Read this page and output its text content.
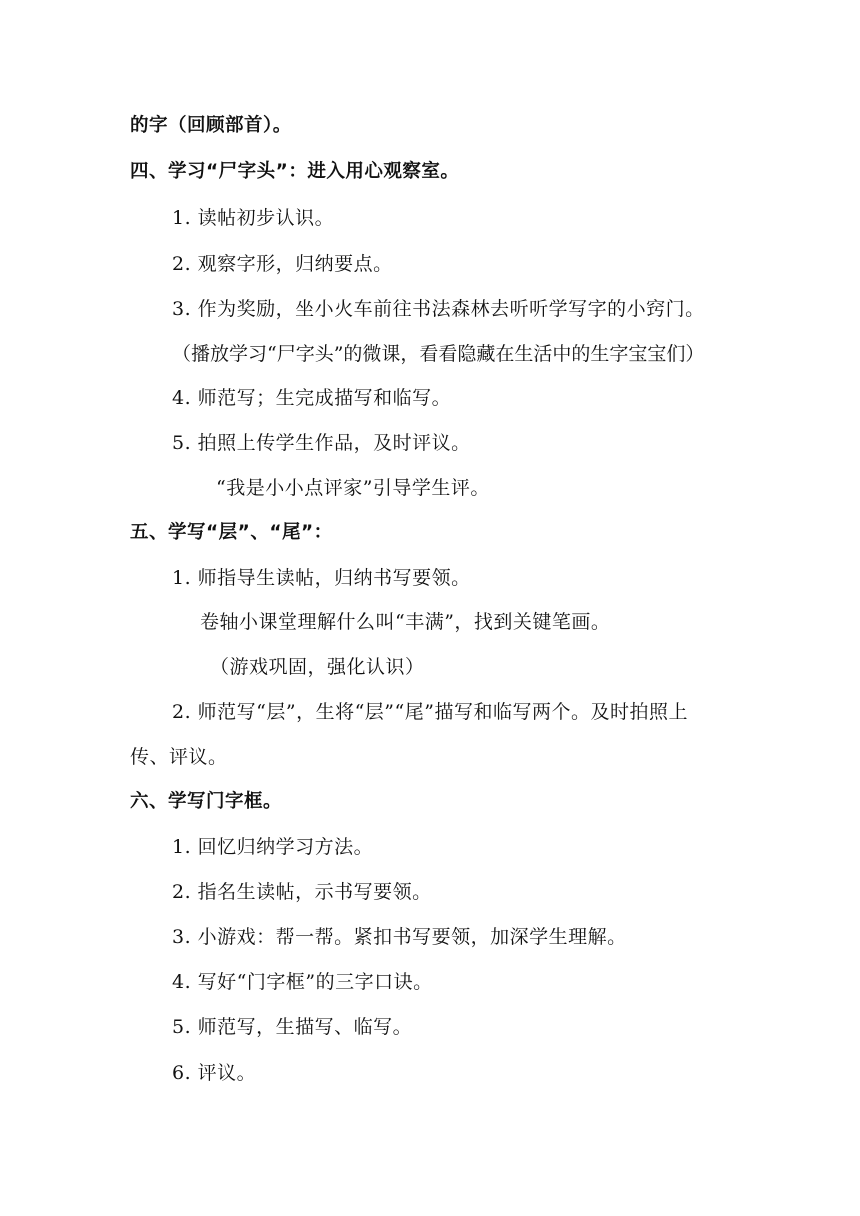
的字（回顾部首）。
四、学习“尸字头”：进入用心观察室。
1. 读帖初步认识。
2. 观察字形，归纳要点。
3. 作为奖励，坐小火车前往书法森林去听听学写字的小窍门。
（播放学习“尸字头”的微课，看看隐藏在生活中的生字宝宝们）
4. 师范写；生完成描写和临写。
5. 拍照上传学生作品，及时评议。
“我是小小点评家”引导学生评。
五、学写“层”、“尾”：
1. 师指导生读帖，归纳书写要领。
卷轴小课堂理解什么叫“丰满”，找到关键笔画。
（游戏巩固，强化认识）
2. 师范写“层”，生将“层”“尾”描写和临写两个。及时拍照上
传、评议。
六、学写门字框。
1. 回忆归纳学习方法。
2. 指名生读帖，示书写要领。
3. 小游戏：帮一帮。紧扣书写要领，加深学生理解。
4. 写好“门字框”的三字口诀。
5. 师范写，生描写、临写。
6. 评议。
